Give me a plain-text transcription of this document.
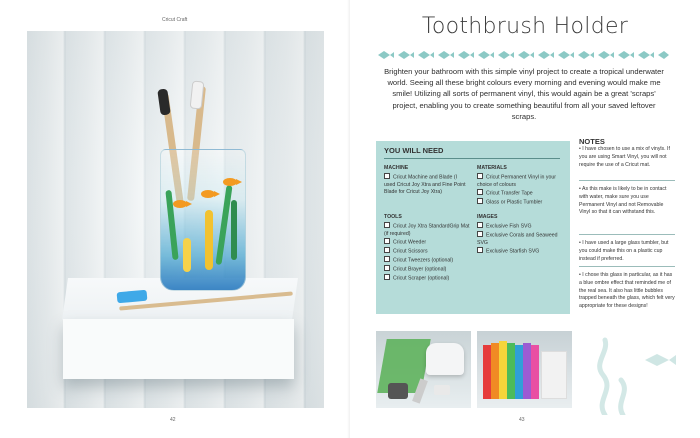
Cricut Craft
42
Toothbrush Holder
Brighten your bathroom with this simple vinyl project to create a tropical underwater world. Seeing all these bright colours every morning and evening would make me smile! Utilizing all sorts of permanent vinyl, this would again be a great 'scraps' project, enabling you to create something beautiful from all your saved leftover scraps.
YOU WILL NEED
MACHINE
Cricut Machine and Blade (I used Cricut Joy Xtra and Fine Point Blade for Cricut Joy Xtra)
TOOLS
Cricut Joy Xtra StandardGrip Mat (if required)
Cricut Weeder
Cricut Scissors
Cricut Tweezers (optional)
Cricut Brayer (optional)
Cricut Scraper (optional)
MATERIALS
Cricut Permanent Vinyl in your choice of colours
Cricut Transfer Tape
Glass or Plastic Tumbler
IMAGES
Exclusive Fish SVG
Exclusive Corals and Seaweed SVG
Exclusive Starfish SVG
NOTES
• I have chosen to use a mix of vinyls. If you are using Smart Vinyl, you will not require the use of a Cricut mat.
• As this make is likely to be in contact with water, make sure you use Permanent Vinyl and not Removable Vinyl so that it can withstand this.
• I have used a large glass tumbler, but you could make this on a plastic cup instead if preferred.
• I chose this glass in particular, as it has a blue ombre effect that reminded me of the real sea. It also has little bubbles trapped beneath the glass, which felt very appropriate for these designs!
43
